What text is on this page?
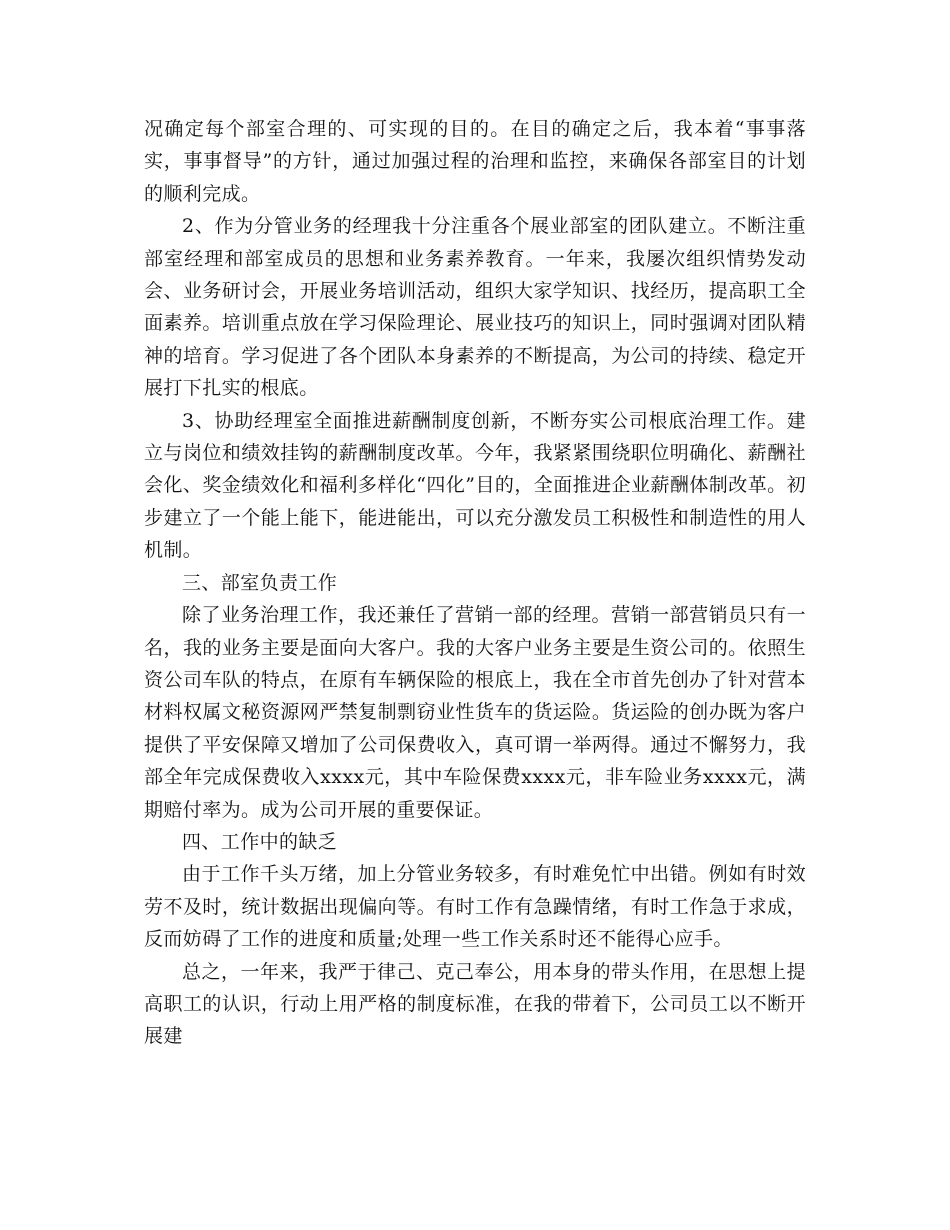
况确定每个部室合理的、可实现的目的。在目的确定之后，我本着“事事落实，事事督导”的方针，通过加强过程的治理和监控，来确保各部室目的计划的顺利完成。

2、作为分管业务的经理我十分注重各个展业部室的团队建立。不断注重部室经理和部室成员的思想和业务素养教育。一年来，我屡次组织情势发动会、业务研讨会，开展业务培训活动，组织大家学知识、找经历，提高职工全面素养。培训重点放在学习保险理论、展业技巧的知识上，同时强调对团队精神的培育。学习促进了各个团队本身素养的不断提高，为公司的持续、稳定开展打下扎实的根底。

3、协助经理室全面推进薪酬制度创新，不断夯实公司根底治理工作。建立与岗位和绩效挂钩的薪酬制度改革。今年，我紧紧围绕职位明确化、薪酬社会化、奖金绩效化和福利多样化“四化”目的，全面推进企业薪酬体制改革。初步建立了一个能上能下，能进能出，可以充分激发员工积极性和制造性的用人机制。

三、部室负责工作

除了业务治理工作，我还兼任了营销一部的经理。营销一部营销员只有一名，我的业务主要是面向大客户。我的大客户业务主要是生资公司的。依照生资公司车队的特点，在原有车辆保险的根底上，我在全市首先创办了针对营本材料权属文秘资源网严禁复制剽窃业性货车的货运险。货运险的创办既为客户提供了平安保障又增加了公司保费收入，真可谓一举两得。通过不懈努力，我部全年完成保费收入xxxx元，其中车险保费xxxx元，非车险业务xxxx元，满期赔付率为。成为公司开展的重要保证。

四、工作中的缺乏

由于工作千头万绪，加上分管业务较多，有时难免忙中出错。例如有时效劳不及时，统计数据出现偏向等。有时工作有急躁情绪，有时工作急于求成，反而妨碍了工作的进度和质量;处理一些工作关系时还不能得心应手。

总之，一年来，我严于律己、克己奉公，用本身的带头作用，在思想上提高职工的认识，行动上用严格的制度标准，在我的带着下，公司员工以不断开展建
